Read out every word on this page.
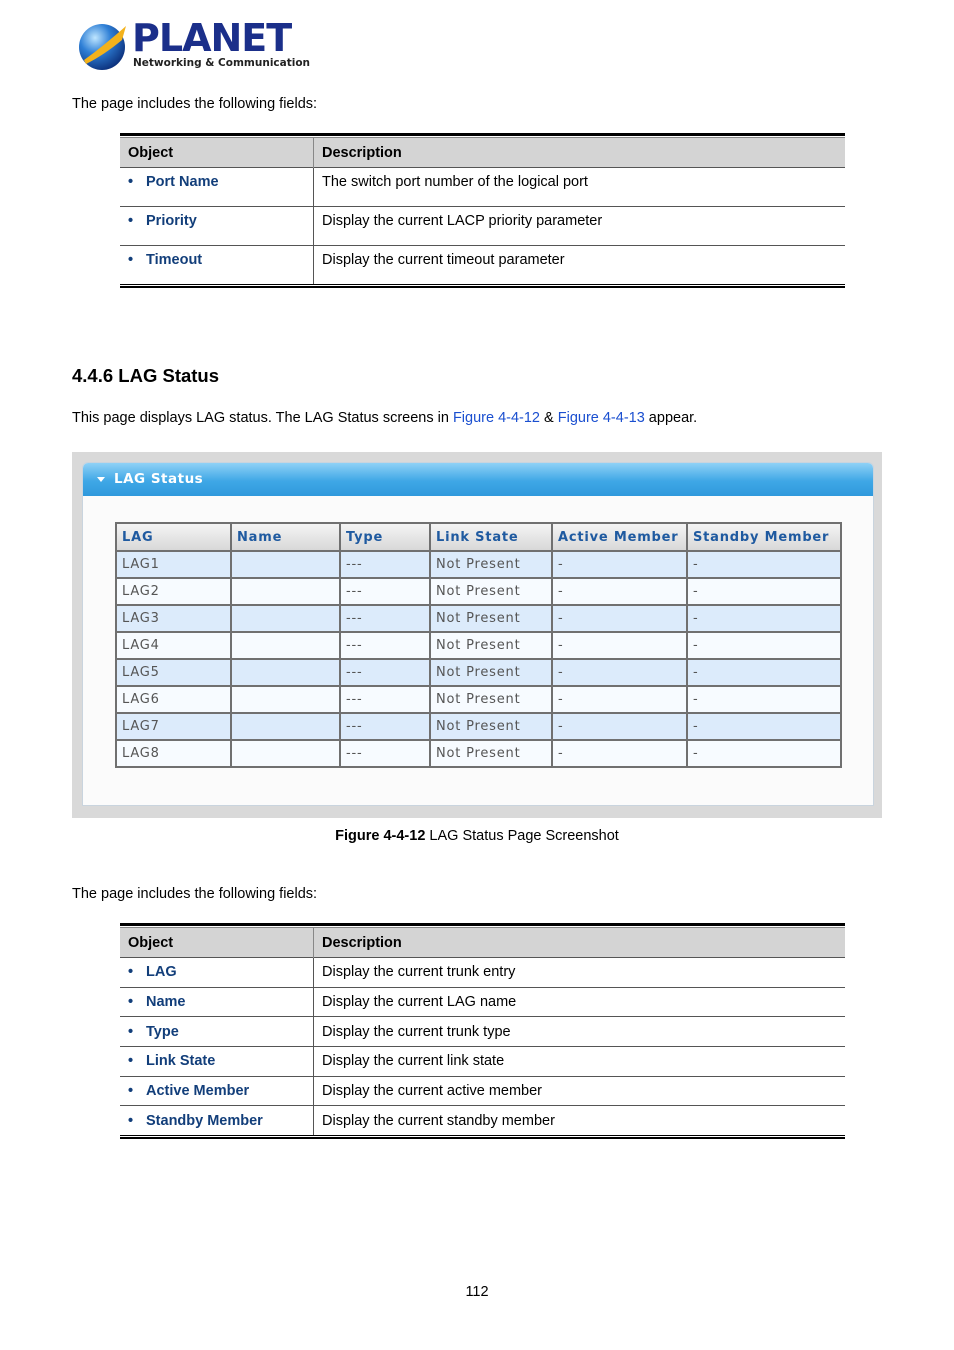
PLANET
Networking & Communication
The page includes the following fields:
Object	Description
• Port Name	The switch port number of the logical port
• Priority	Display the current LACP priority parameter
• Timeout	Display the current timeout parameter
4.4.6 LAG Status
This page displays LAG status. The LAG Status screens in Figure 4-4-12 & Figure 4-4-13 appear.
LAG Status
LAG	Name	Type	Link State	Active Member	Standby Member
LAG1		---	Not Present	-	-
LAG2		---	Not Present	-	-
LAG3		---	Not Present	-	-
LAG4		---	Not Present	-	-
LAG5		---	Not Present	-	-
LAG6		---	Not Present	-	-
LAG7		---	Not Present	-	-
LAG8		---	Not Present	-	-
Figure 4-4-12 LAG Status Page Screenshot
The page includes the following fields:
Object	Description
• LAG	Display the current trunk entry
• Name	Display the current LAG name
• Type	Display the current trunk type
• Link State	Display the current link state
• Active Member	Display the current active member
• Standby Member	Display the current standby member
112
